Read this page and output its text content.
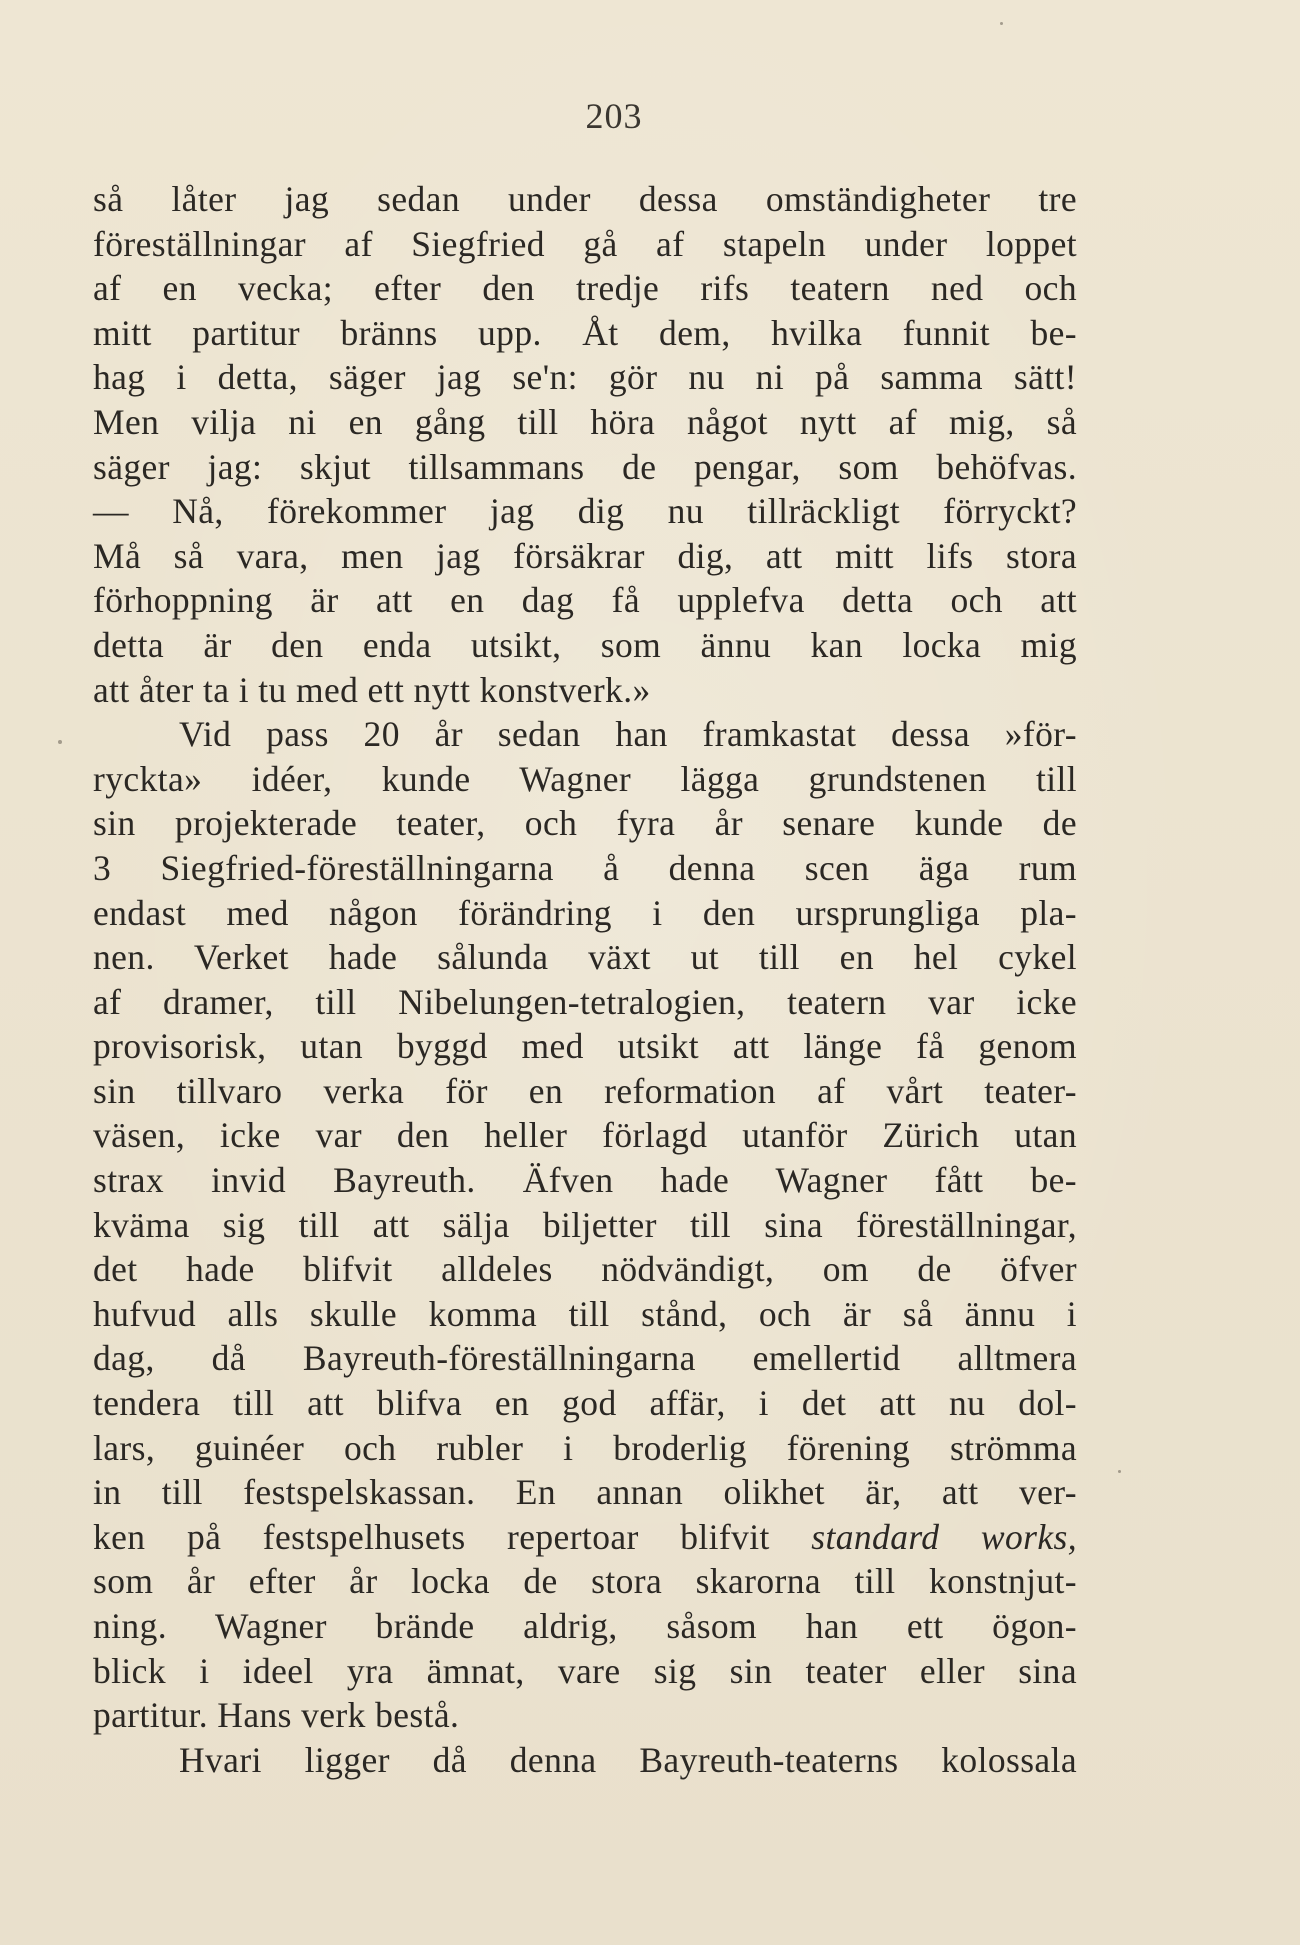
203
så låter jag sedan under dessa omständigheter tre
föreställningar af Siegfried gå af stapeln under loppet
af en vecka; efter den tredje rifs teatern ned och
mitt partitur bränns upp. Åt dem, hvilka funnit be-
hag i detta, säger jag se'n: gör nu ni på samma sätt!
Men vilja ni en gång till höra något nytt af mig, så
säger jag: skjut tillsammans de pengar, som behöfvas.
— Nå, förekommer jag dig nu tillräckligt förryckt?
Må så vara, men jag försäkrar dig, att mitt lifs stora
förhoppning är att en dag få upplefva detta och att
detta är den enda utsikt, som ännu kan locka mig
att åter ta i tu med ett nytt konstverk.»
Vid pass 20 år sedan han framkastat dessa »för-
ryckta» idéer, kunde Wagner lägga grundstenen till
sin projekterade teater, och fyra år senare kunde de
3 Siegfried-föreställningarna å denna scen äga rum
endast med någon förändring i den ursprungliga pla-
nen. Verket hade sålunda växt ut till en hel cykel
af dramer, till Nibelungen-tetralogien, teatern var icke
provisorisk, utan byggd med utsikt att länge få genom
sin tillvaro verka för en reformation af vårt teater-
väsen, icke var den heller förlagd utanför Zürich utan
strax invid Bayreuth. Äfven hade Wagner fått be-
kväma sig till att sälja biljetter till sina föreställningar,
det hade blifvit alldeles nödvändigt, om de öfver
hufvud alls skulle komma till stånd, och är så ännu i
dag, då Bayreuth-föreställningarna emellertid alltmera
tendera till att blifva en god affär, i det att nu dol-
lars, guinéer och rubler i broderlig förening strömma
in till festspelskassan. En annan olikhet är, att ver-
ken på festspelhusets repertoar blifvit standard works,
som år efter år locka de stora skarorna till konstnjut-
ning. Wagner brände aldrig, såsom han ett ögon-
blick i ideel yra ämnat, vare sig sin teater eller sina
partitur. Hans verk bestå.
Hvari ligger då denna Bayreuth-teaterns kolossala
